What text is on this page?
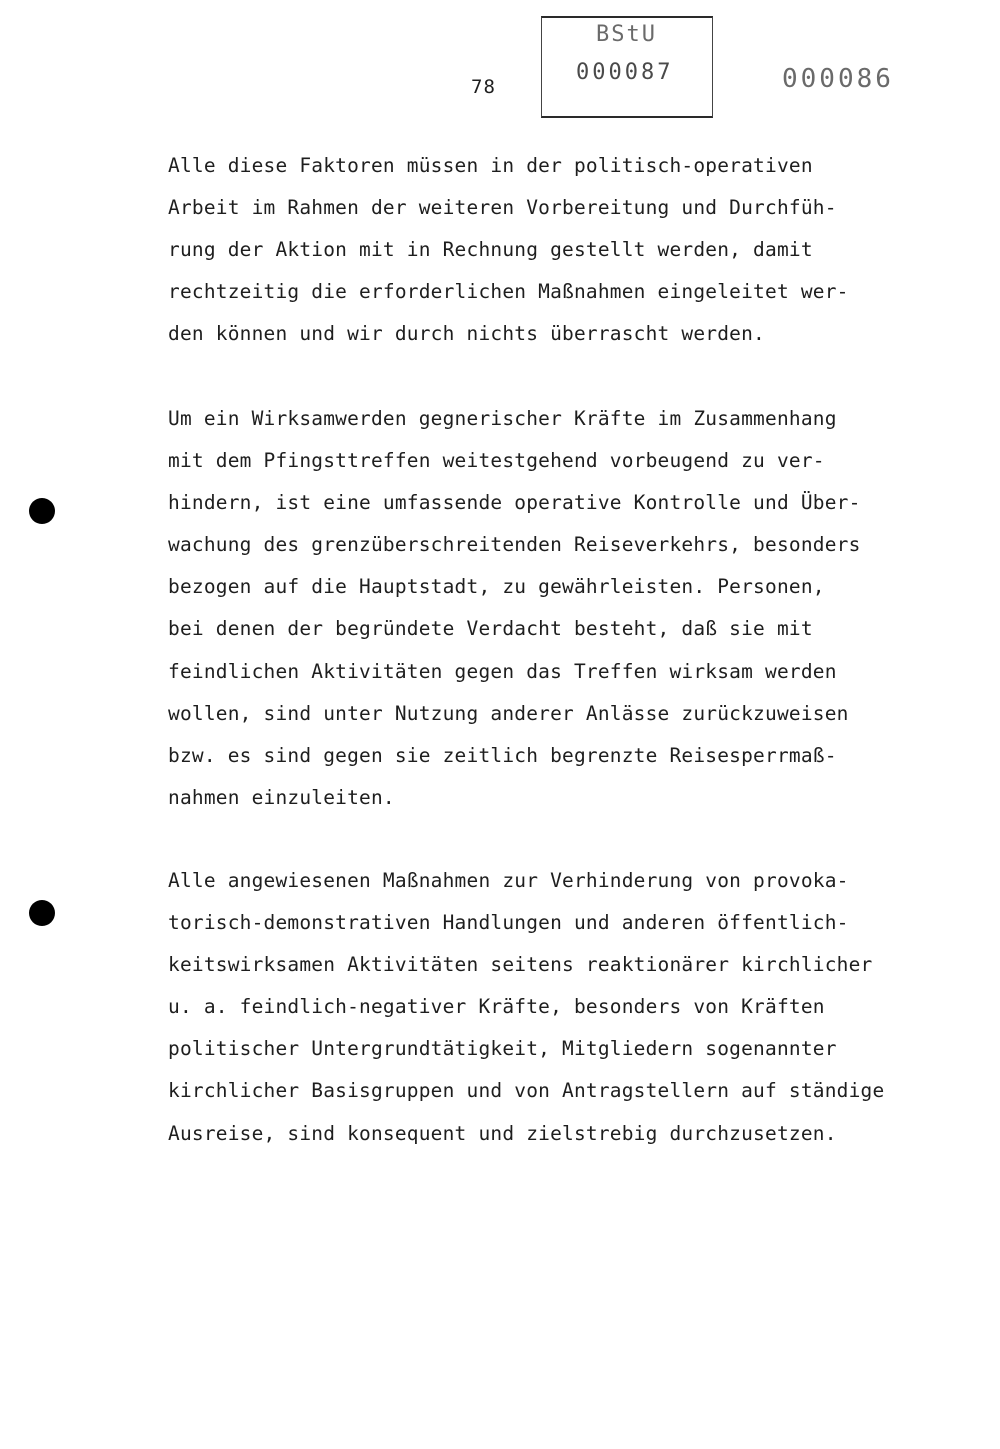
78
BStU
000087	000086
Alle diese Faktoren müssen in der politisch-operativen
Arbeit im Rahmen der weiteren Vorbereitung und Durchfüh-
rung der Aktion mit in Rechnung gestellt werden, damit
rechtzeitig die erforderlichen Maßnahmen eingeleitet wer-
den können und wir durch nichts überrascht werden.
Um ein Wirksamwerden gegnerischer Kräfte im Zusammenhang
mit dem Pfingsttreffen weitestgehend vorbeugend zu ver-
hindern, ist eine umfassende operative Kontrolle und Über-
wachung des grenzüberschreitenden Reiseverkehrs, besonders
bezogen auf die Hauptstadt, zu gewährleisten. Personen,
bei denen der begründete Verdacht besteht, daß sie mit
feindlichen Aktivitäten gegen das Treffen wirksam werden
wollen, sind unter Nutzung anderer Anlässe zurückzuweisen
bzw. es sind gegen sie zeitlich begrenzte Reisesperrmaß-
nahmen einzuleiten.
Alle angewiesenen Maßnahmen zur Verhinderung von provoka-
torisch-demonstrativen Handlungen und anderen öffentlich-
keitswirksamen Aktivitäten seitens reaktionärer kirchlicher
u. a. feindlich-negativer Kräfte, besonders von Kräften
politischer Untergrundtätigkeit, Mitgliedern sogenannter
kirchlicher Basisgruppen und von Antragstellern auf ständige
Ausreise, sind konsequent und zielstrebig durchzusetzen.
